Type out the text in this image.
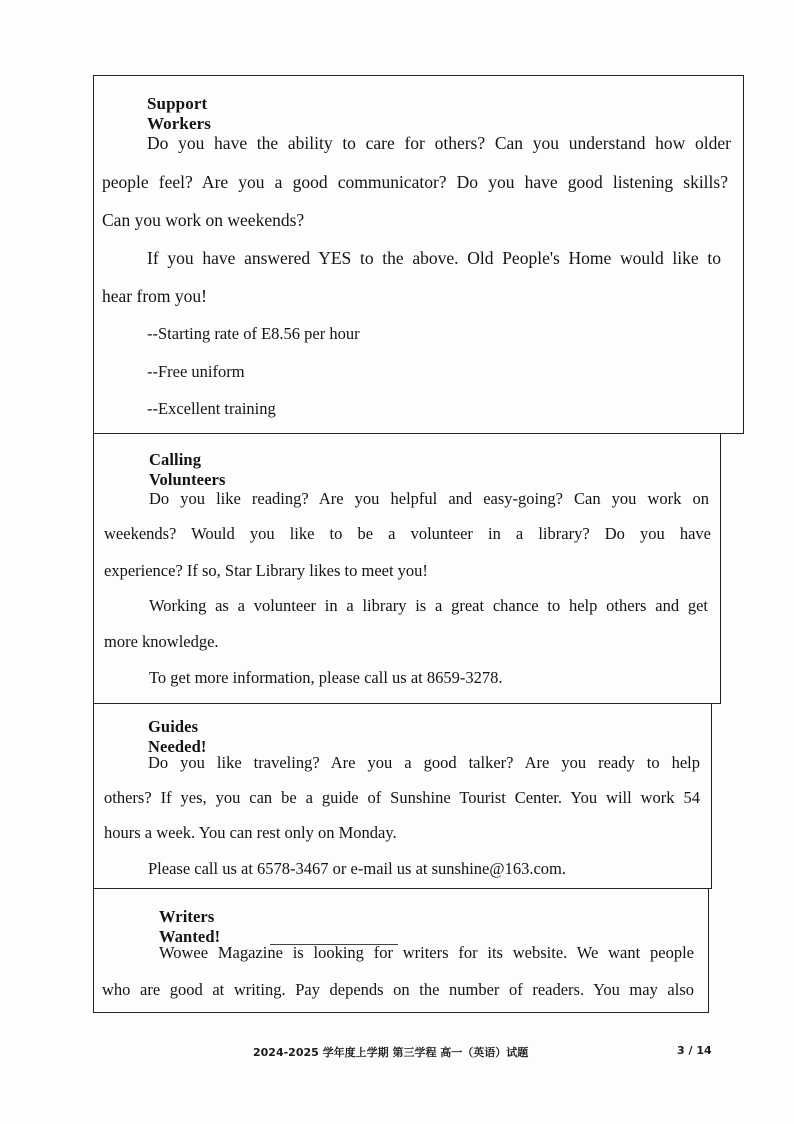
Support Workers
Do you have the ability to care for others? Can you understand how older
people feel? Are you a good communicator? Do you have good listening skills?
Can you work on weekends?
If you have answered YES to the above. Old People's Home would like to
hear from you!
--Starting rate of E8.56 per hour
--Free uniform
--Excellent training
Calling Volunteers
Do you like reading? Are you helpful and easy-going? Can you work on
weekends? Would you like to be a volunteer in a library? Do you have
experience? If so, Star Library likes to meet you!
Working as a volunteer in a library is a great chance to help others and get
more knowledge.
To get more information, please call us at 8659-3278.
Guides Needed!
Do you like traveling? Are you a good talker? Are you ready to help
others? If yes, you can be a guide of Sunshine Tourist Center. You will work 54
hours a week. You can rest only on Monday.
Please call us at 6578-3467 or e-mail us at sunshine@163.com.
Writers Wanted!
Wowee Magazine is looking for writers for its website. We want people
who are good at writing. Pay depends on the number of readers. You may also
2024-2025 学年度上学期 第三学程 高一（英语）试题	3 / 14
